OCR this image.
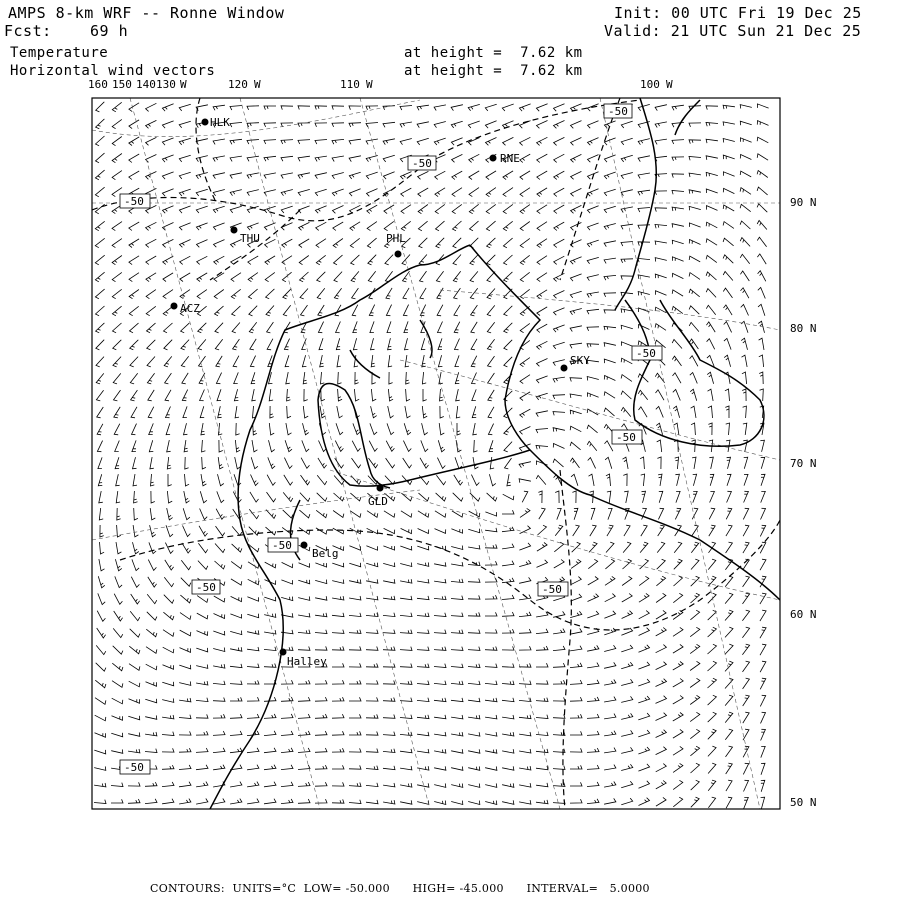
AMPS 8-km WRF -- Ronne Window
Fcst:	69 h
Init: 00 UTC Fri 19 Dec 25
Valid: 21 UTC Sun 21 Dec 25
Temperature
Horizontal wind vectors
at height =  7.62 km
at height =  7.62 km
160 150 140 130 W	120 W	110 W	100 W
90 N
80 N
70 N
60 N
50 N
HLK
RNE
THU	PHL
ACZ
SKY
GLD
Belg
Halley
-50
-50
-50
-50
-50
-50
-50	-50
-50
CONTOURS:  UNITS=°C  LOW= -50.000      HIGH= -45.000      INTERVAL=   5.0000
